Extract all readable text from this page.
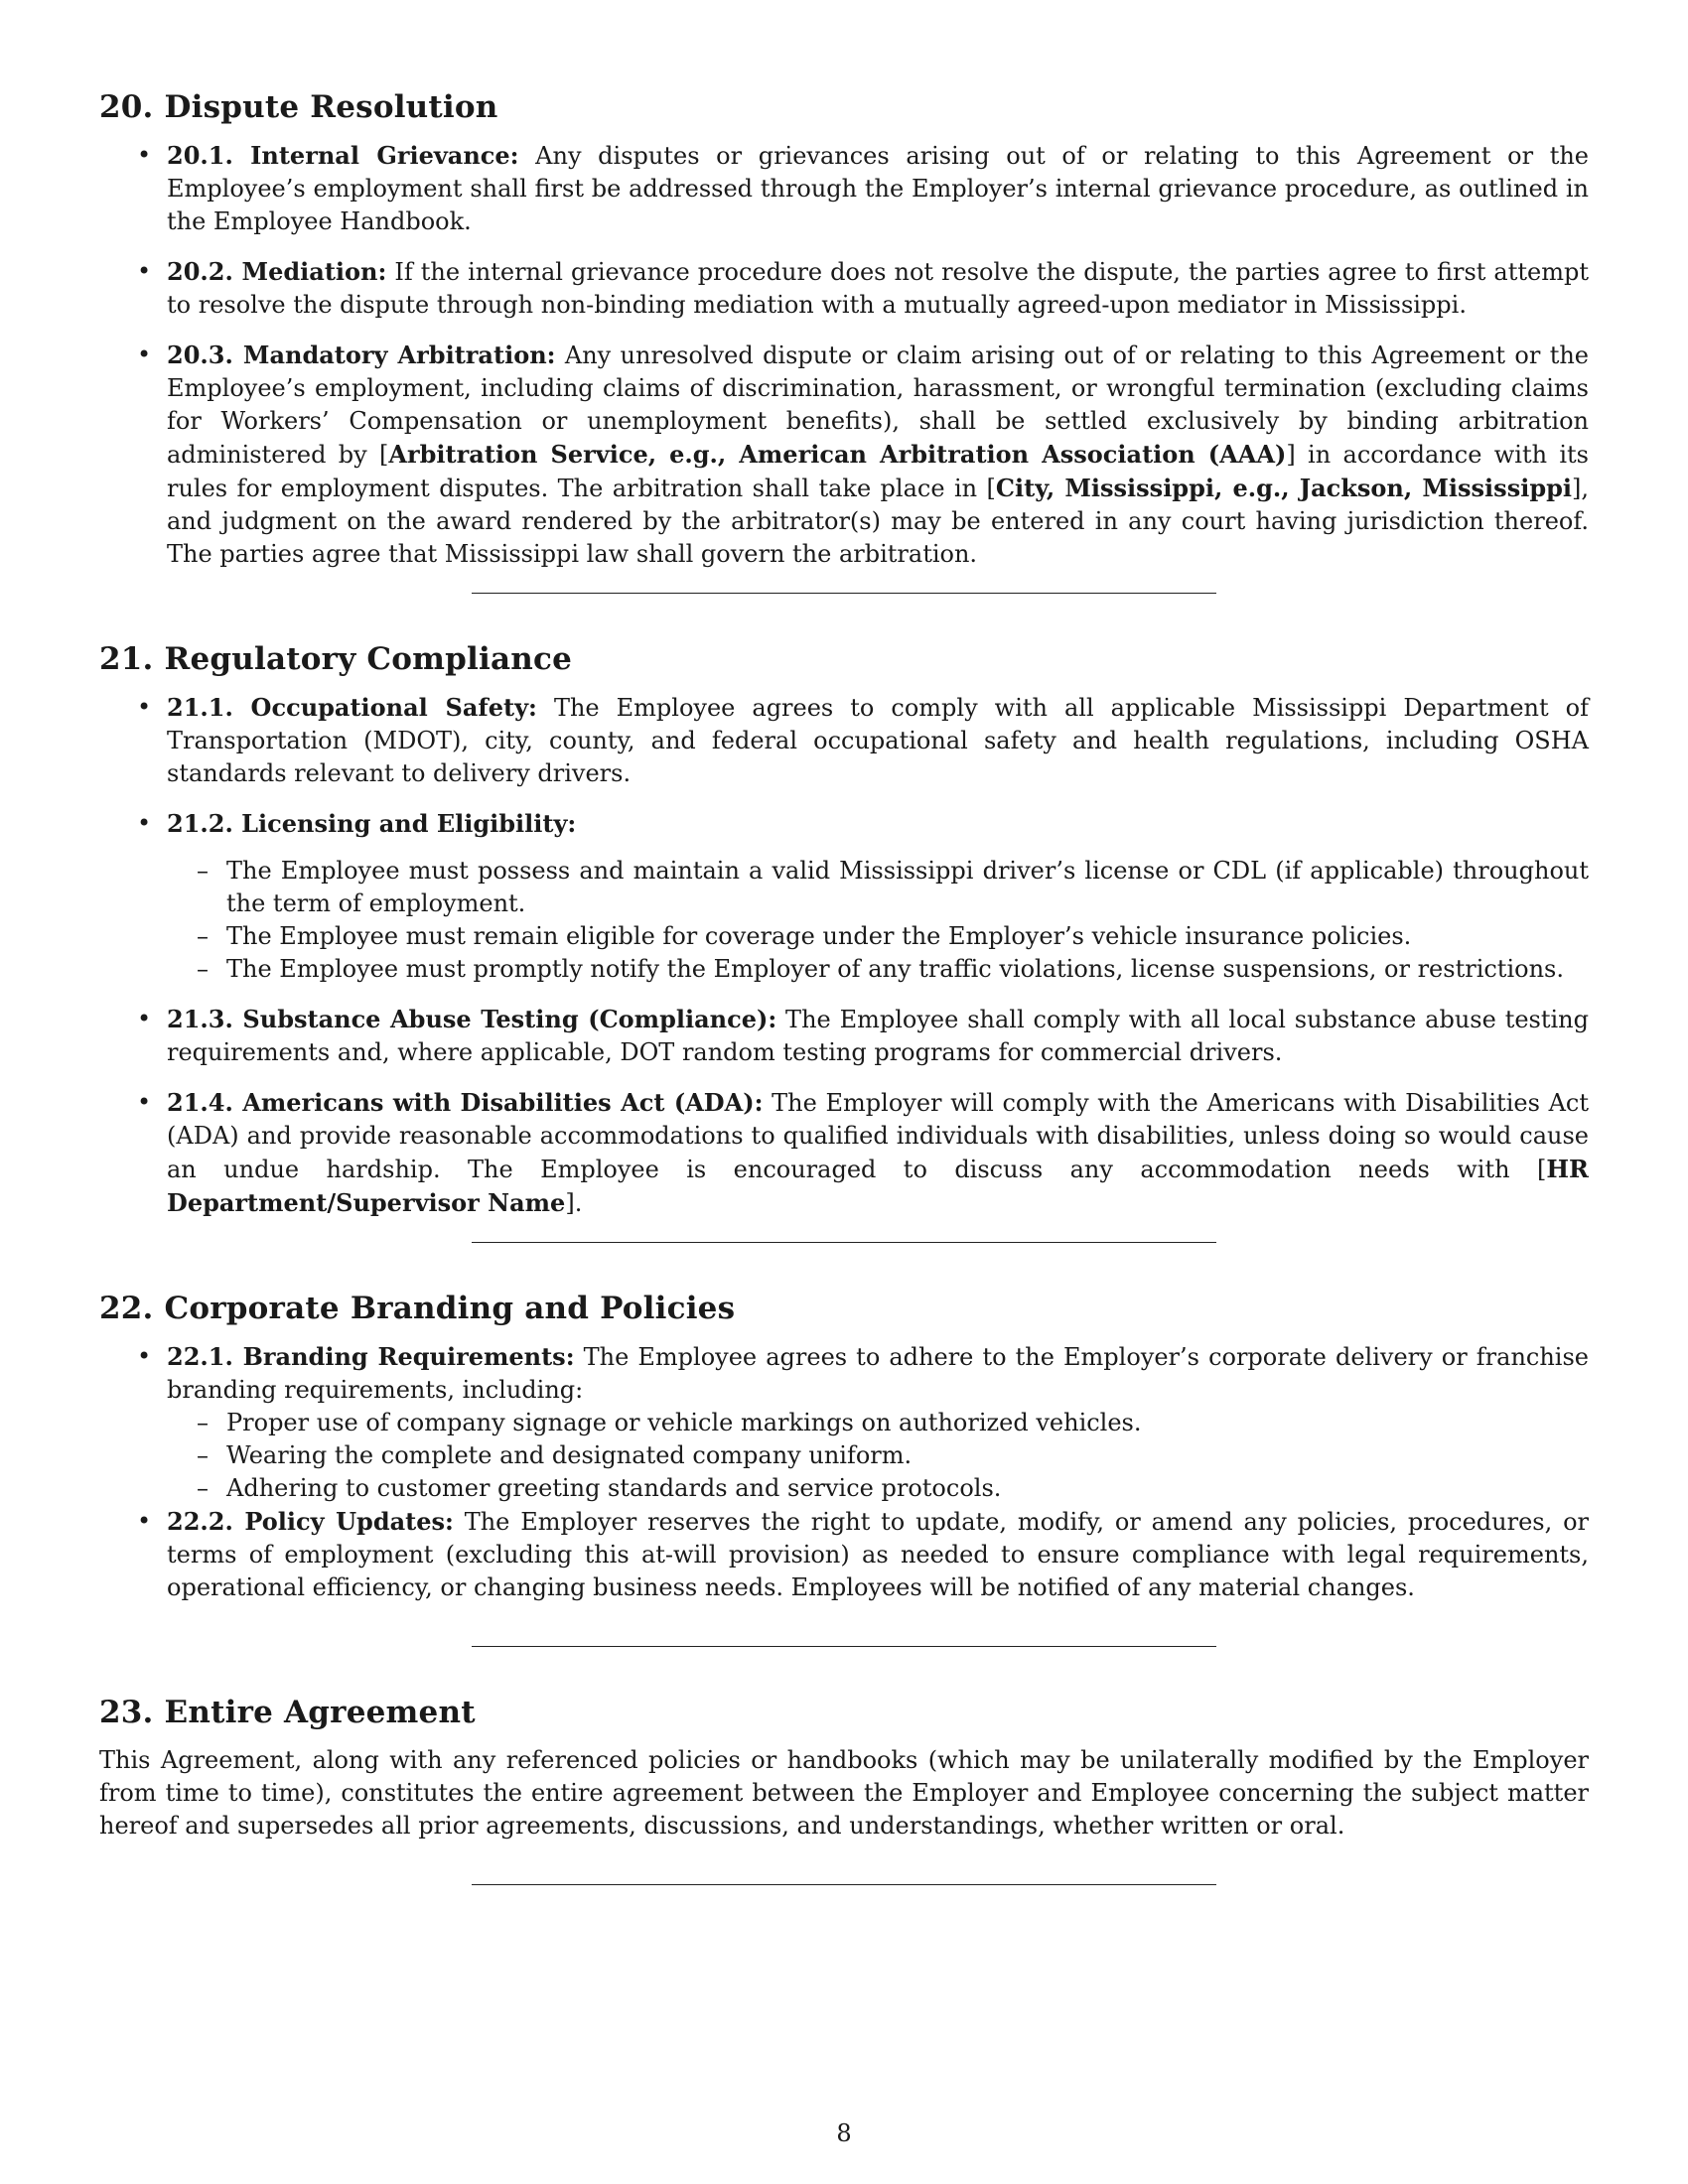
20. Dispute Resolution
• 20.1. Internal Grievance: Any disputes or grievances arising out of or relating to this Agreement or the Employee’s employment shall first be addressed through the Employer’s internal grievance procedure, as outlined in the Employee Handbook.
• 20.2. Mediation: If the internal grievance procedure does not resolve the dispute, the parties agree to first attempt to resolve the dispute through non-binding mediation with a mutually agreed-upon mediator in Mississippi.
• 20.3. Mandatory Arbitration: Any unresolved dispute or claim arising out of or relating to this Agreement or the Employee’s employment, including claims of discrimination, harassment, or wrongful termination (excluding claims for Workers’ Compensation or unemployment benefits), shall be settled exclusively by binding arbitration administered by [Arbitration Service, e.g., American Arbitration Association (AAA)] in accordance with its rules for employment disputes. The arbitration shall take place in [City, Mississippi, e.g., Jackson, Mississippi], and judgment on the award rendered by the arbitrator(s) may be entered in any court having jurisdiction thereof. The parties agree that Mississippi law shall govern the arbitration.
21. Regulatory Compliance
• 21.1. Occupational Safety: The Employee agrees to comply with all applicable Mississippi Department of Transportation (MDOT), city, county, and federal occupational safety and health regulations, including OSHA standards relevant to delivery drivers.
• 21.2. Licensing and Eligibility:
– The Employee must possess and maintain a valid Mississippi driver’s license or CDL (if applicable) throughout the term of employment.
– The Employee must remain eligible for coverage under the Employer’s vehicle insurance policies.
– The Employee must promptly notify the Employer of any traffic violations, license suspensions, or restrictions.
• 21.3. Substance Abuse Testing (Compliance): The Employee shall comply with all local substance abuse testing requirements and, where applicable, DOT random testing programs for commercial drivers.
• 21.4. Americans with Disabilities Act (ADA): The Employer will comply with the Americans with Disabilities Act (ADA) and provide reasonable accommodations to qualified individuals with disabilities, unless doing so would cause an undue hardship. The Employee is encouraged to discuss any accommodation needs with [HR Department/Supervisor Name].
22. Corporate Branding and Policies
• 22.1. Branding Requirements: The Employee agrees to adhere to the Employer’s corporate delivery or franchise branding requirements, including:
– Proper use of company signage or vehicle markings on authorized vehicles.
– Wearing the complete and designated company uniform.
– Adhering to customer greeting standards and service protocols.
• 22.2. Policy Updates: The Employer reserves the right to update, modify, or amend any policies, procedures, or terms of employment (excluding this at-will provision) as needed to ensure compliance with legal requirements, operational efficiency, or changing business needs. Employees will be notified of any material changes.
23. Entire Agreement

This Agreement, along with any referenced policies or handbooks (which may be unilaterally modified by the Employer from time to time), constitutes the entire agreement between the Employer and Employee concerning the subject matter hereof and supersedes all prior agreements, discussions, and understandings, whether written or oral.

8
